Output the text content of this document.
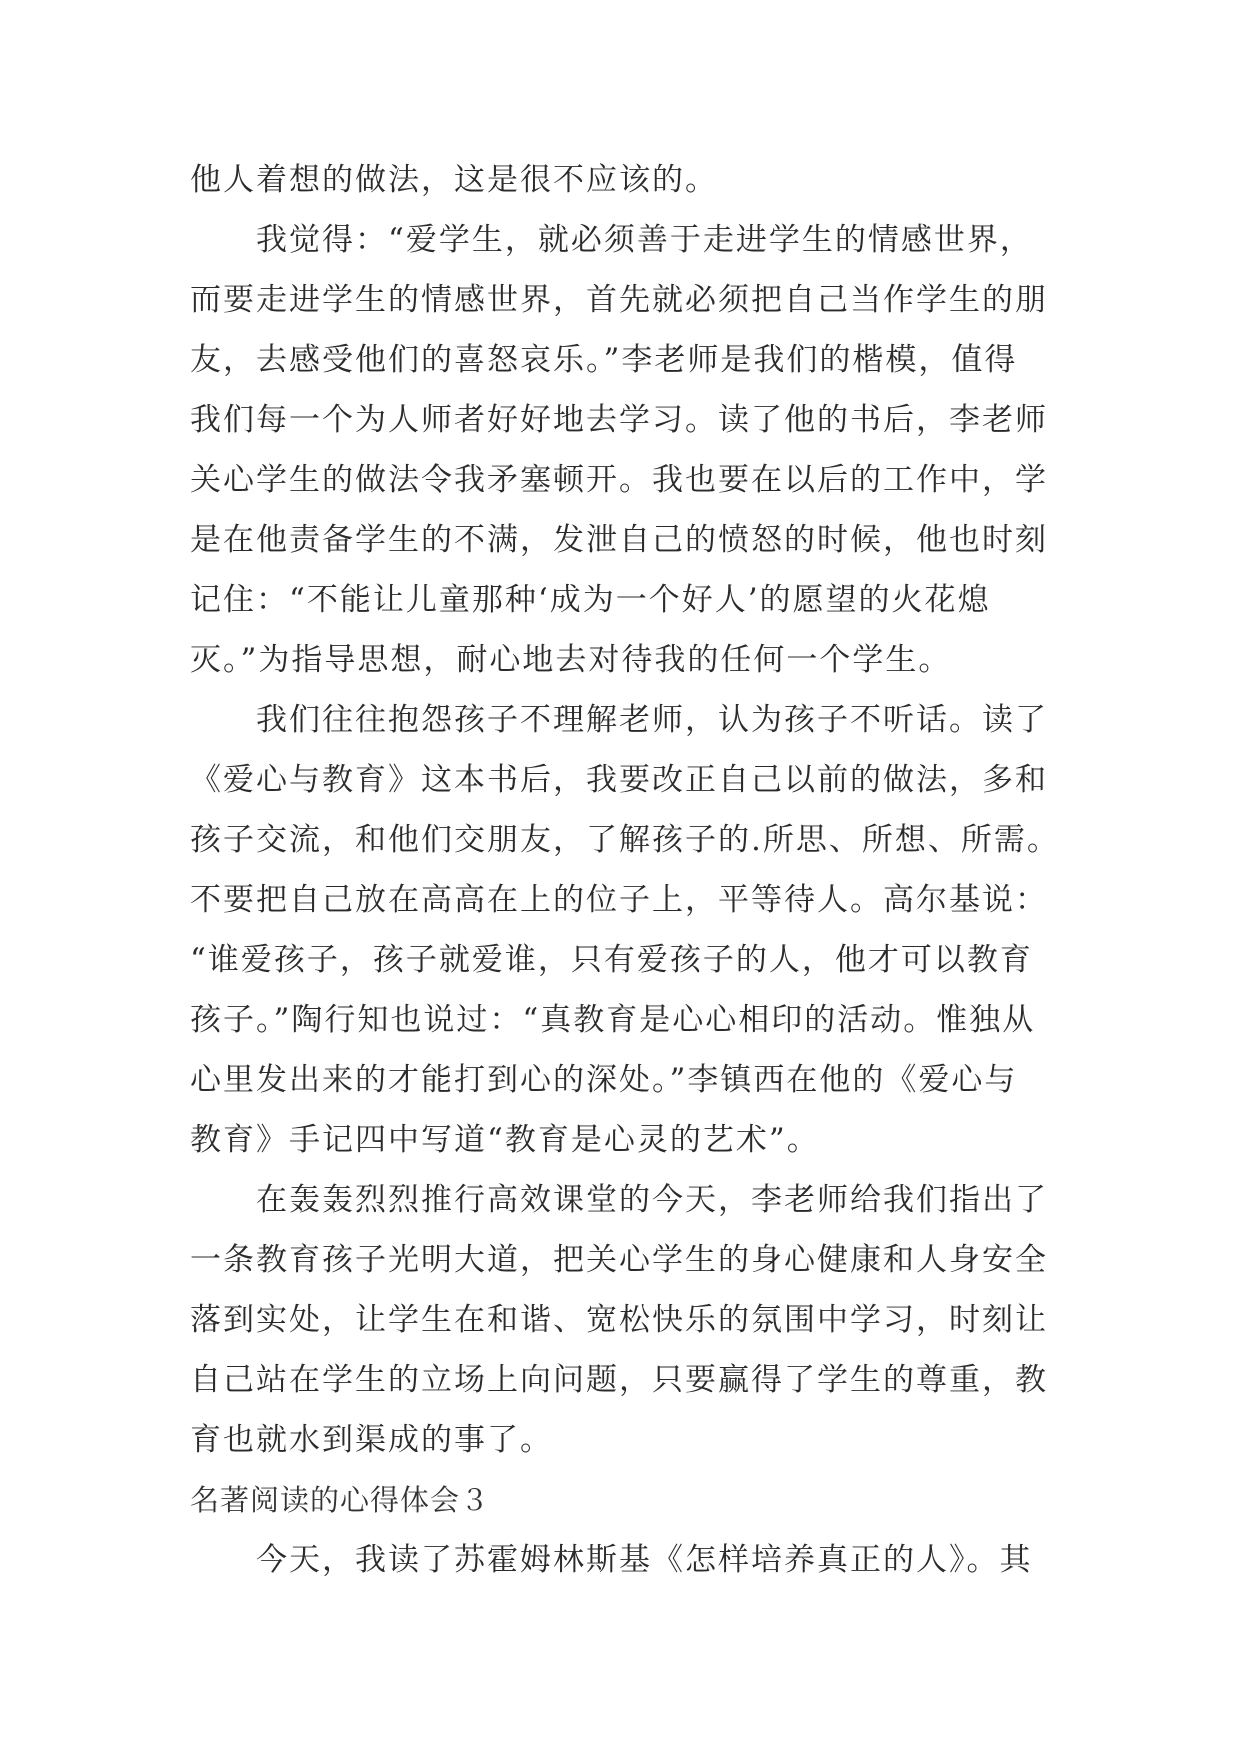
他人着想的做法，这是很不应该的。
我觉得：“爱学生，就必须善于走进学生的情感世界，
而要走进学生的情感世界，首先就必须把自己当作学生的朋
友，去感受他们的喜怒哀乐。”李老师是我们的楷模，值得
我们每一个为人师者好好地去学习。读了他的书后，李老师
关心学生的做法令我矛塞顿开。我也要在以后的工作中，学
是在他责备学生的不满，发泄自己的愤怒的时候，他也时刻
记住：“不能让儿童那种‘成为一个好人’的愿望的火花熄
灭。”为指导思想，耐心地去对待我的任何一个学生。
我们往往抱怨孩子不理解老师，认为孩子不听话。读了
《爱心与教育》这本书后，我要改正自己以前的做法，多和
孩子交流，和他们交朋友，了解孩子的.所思、所想、所需。
不要把自己放在高高在上的位子上，平等待人。高尔基说：
“谁爱孩子，孩子就爱谁，只有爱孩子的人，他才可以教育
孩子。”陶行知也说过：“真教育是心心相印的活动。惟独从
心里发出来的才能打到心的深处。”李镇西在他的《爱心与
教育》手记四中写道“教育是心灵的艺术”。
在轰轰烈烈推行高效课堂的今天，李老师给我们指出了
一条教育孩子光明大道，把关心学生的身心健康和人身安全
落到实处，让学生在和谐、宽松快乐的氛围中学习，时刻让
自己站在学生的立场上向问题，只要赢得了学生的尊重，教
育也就水到渠成的事了。
名著阅读的心得体会３
今天，我读了苏霍姆林斯基《怎样培养真正的人》。其
